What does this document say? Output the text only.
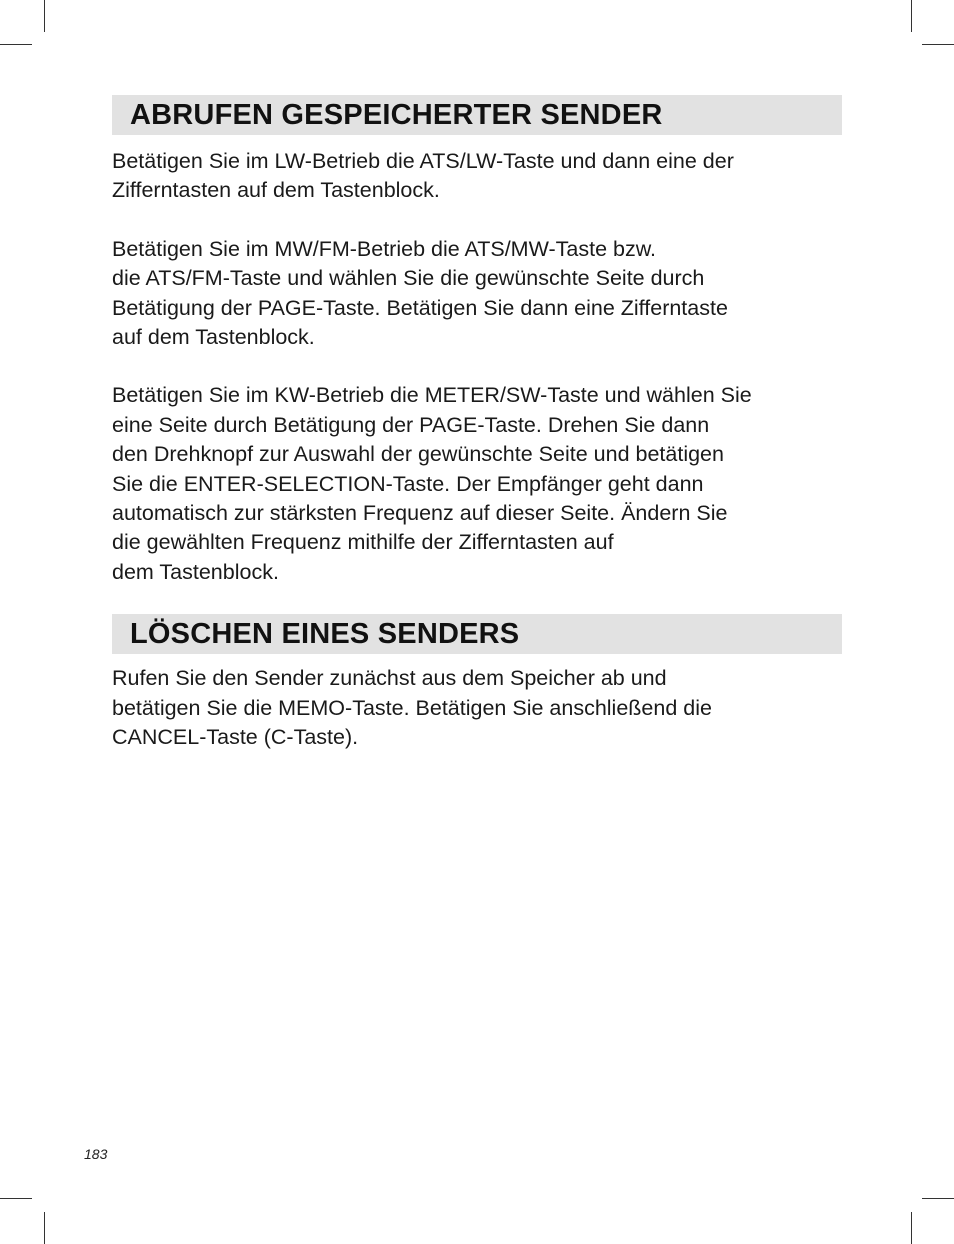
ABRUFEN GESPEICHERTER SENDER

Betätigen Sie im LW-Betrieb die ATS/LW-Taste und dann eine der
Zifferntasten auf dem Tastenblock.

Betätigen Sie im MW/FM-Betrieb die ATS/MW-Taste bzw.
die ATS/FM-Taste und wählen Sie die gewünschte Seite durch
Betätigung der PAGE-Taste. Betätigen Sie dann eine Zifferntaste
auf dem Tastenblock.

Betätigen Sie im KW-Betrieb die METER/SW-Taste und wählen Sie
eine Seite durch Betätigung der PAGE-Taste. Drehen Sie dann
den Drehknopf zur Auswahl der gewünschte Seite und betätigen
Sie die ENTER-SELECTION-Taste. Der Empfänger geht dann
automatisch zur stärksten Frequenz auf dieser Seite. Ändern Sie
die gewählten Frequenz mithilfe der Zifferntasten auf
dem Tastenblock.

LÖSCHEN EINES SENDERS

Rufen Sie den Sender zunächst aus dem Speicher ab und
betätigen Sie die MEMO-Taste. Betätigen Sie anschließend die
CANCEL-Taste (C-Taste).

183
